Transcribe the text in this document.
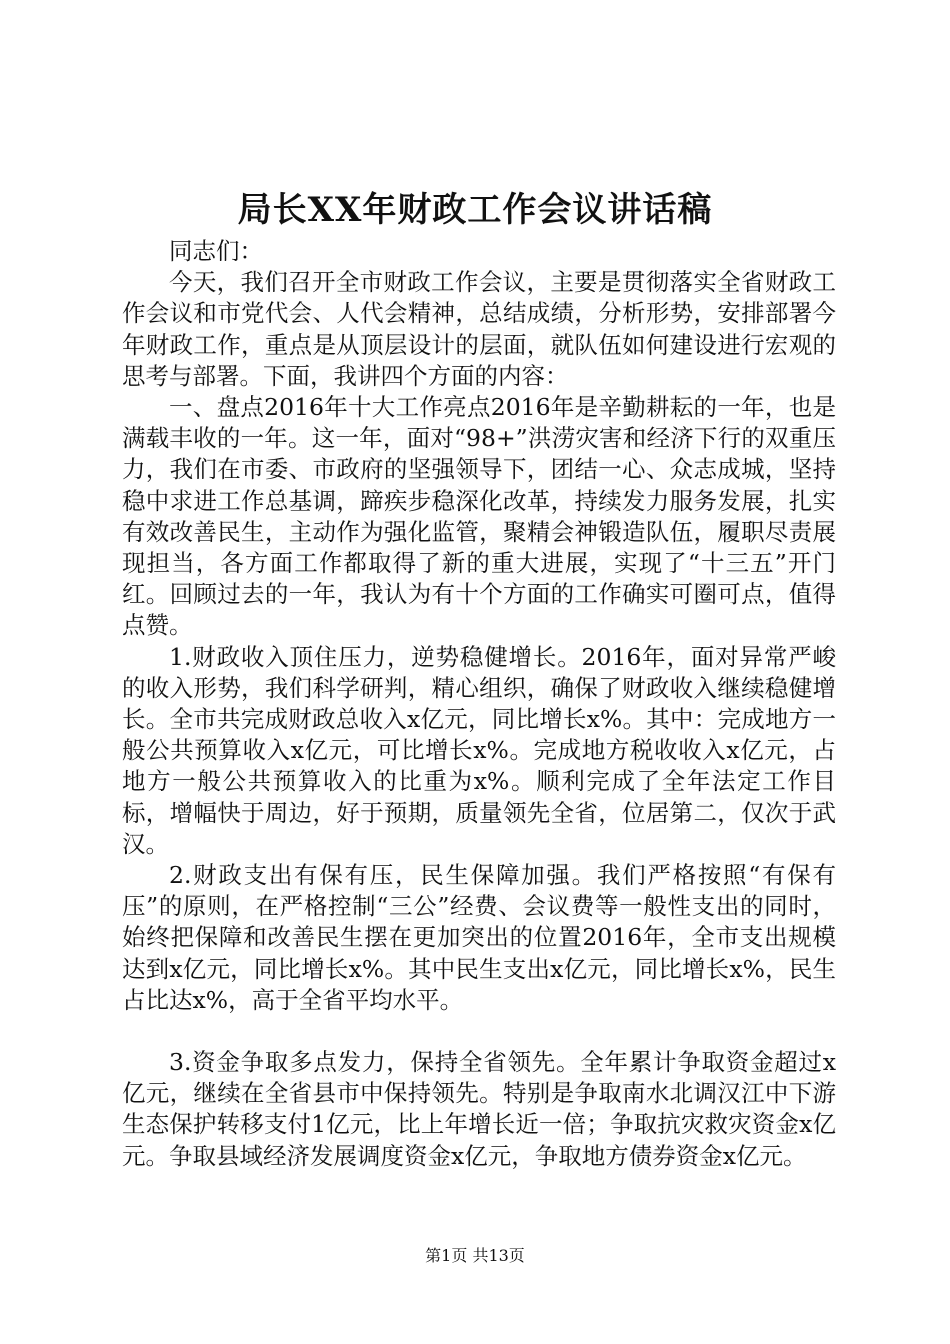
局长XX年财政工作会议讲话稿

同志们：

今天，我们召开全市财政工作会议，主要是贯彻落实全省财政工作会议和市党代会、人代会精神，总结成绩，分析形势，安排部署今年财政工作，重点是从顶层设计的层面，就队伍如何建设进行宏观的思考与部署。下面，我讲四个方面的内容：

一、盘点2016年十大工作亮点2016年是辛勤耕耘的一年，也是满载丰收的一年。这一年，面对“98+”洪涝灾害和经济下行的双重压力，我们在市委、市政府的坚强领导下，团结一心、众志成城，坚持稳中求进工作总基调，蹄疾步稳深化改革，持续发力服务发展，扎实有效改善民生，主动作为强化监管，聚精会神锻造队伍，履职尽责展现担当，各方面工作都取得了新的重大进展，实现了“十三五”开门红。回顾过去的一年，我认为有十个方面的工作确实可圈可点，值得点赞。

1.财政收入顶住压力，逆势稳健增长。2016年，面对异常严峻的收入形势，我们科学研判，精心组织，确保了财政收入继续稳健增长。全市共完成财政总收入x亿元，同比增长x%。其中：完成地方一般公共预算收入x亿元，可比增长x%。完成地方税收收入x亿元，占地方一般公共预算收入的比重为x%。顺利完成了全年法定工作目标，增幅快于周边，好于预期，质量领先全省，位居第二，仅次于武汉。

2.财政支出有保有压，民生保障加强。我们严格按照“有保有压”的原则，在严格控制“三公”经费、会议费等一般性支出的同时，始终把保障和改善民生摆在更加突出的位置2016年，全市支出规模达到x亿元，同比增长x%。其中民生支出x亿元，同比增长x%，民生占比达x%，高于全省平均水平。

3.资金争取多点发力，保持全省领先。全年累计争取资金超过x亿元，继续在全省县市中保持领先。特别是争取南水北调汉江中下游生态保护转移支付1亿元，比上年增长近一倍；争取抗灾救灾资金x亿元。争取县域经济发展调度资金x亿元，争取地方债券资金x亿元。

第1页 共13页
